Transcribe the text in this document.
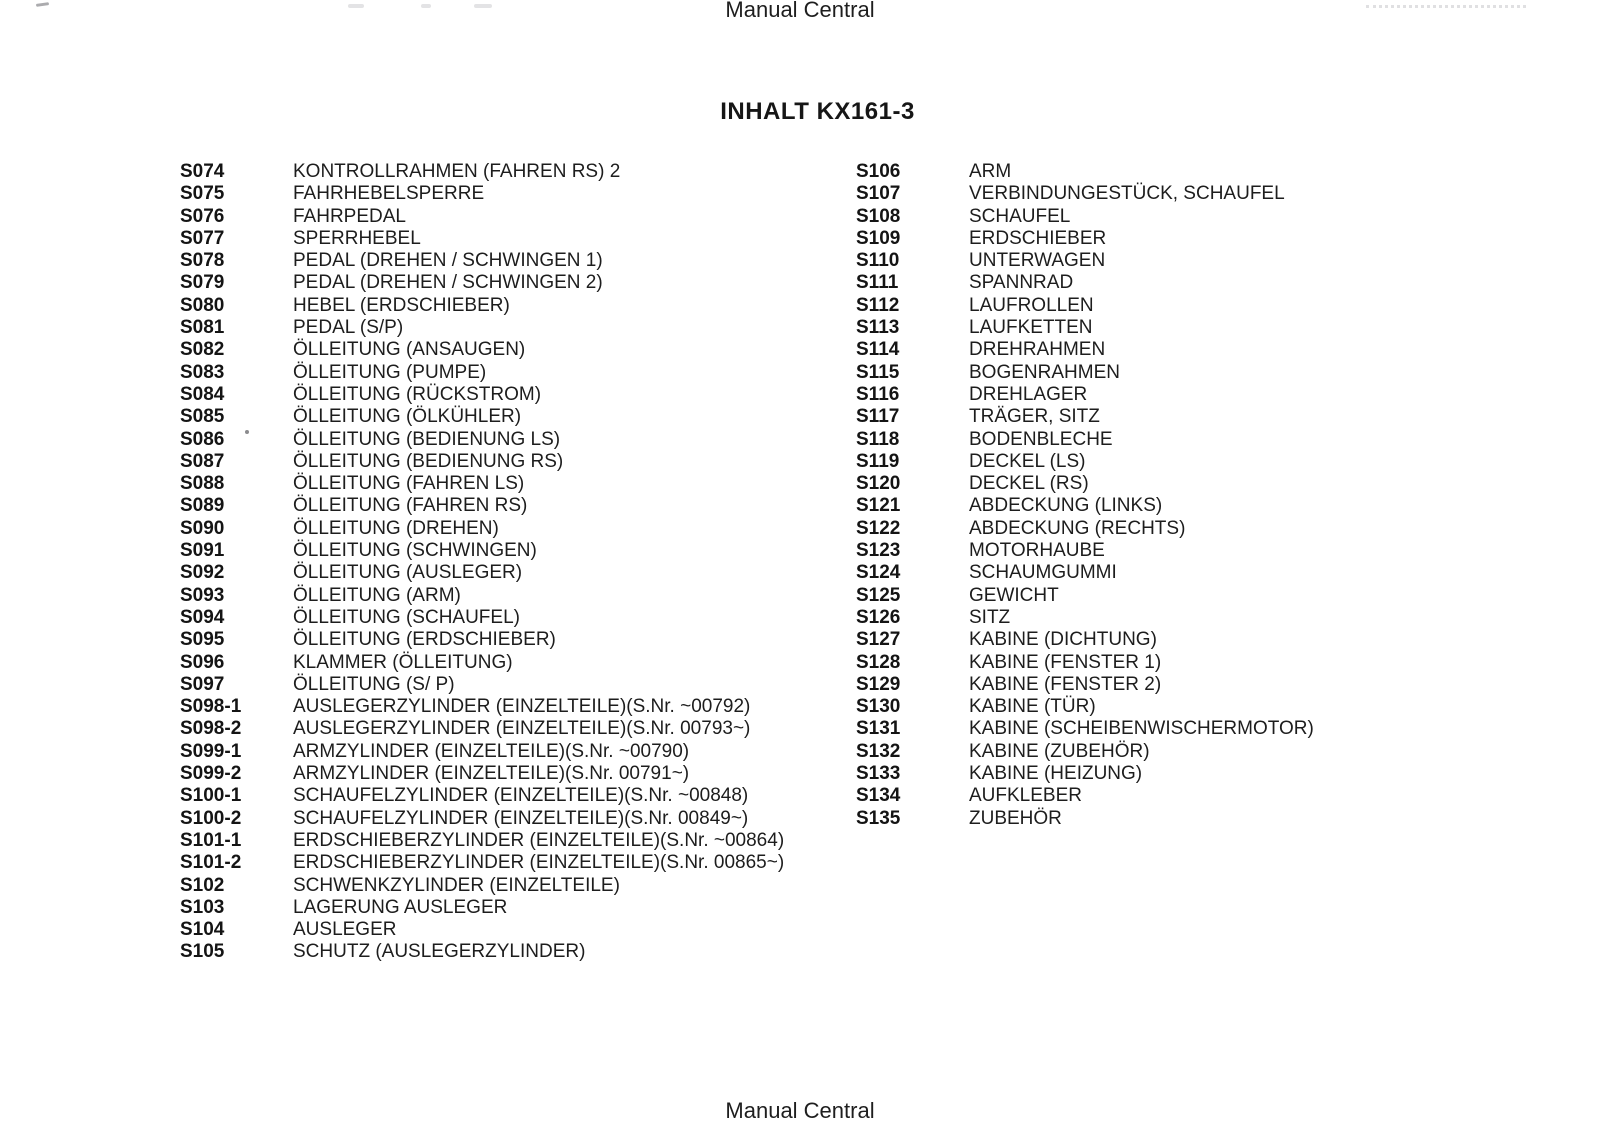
Manual Central
INHALT KX161-3
S074	KONTROLLRAHMEN (FAHREN RS) 2
S075	FAHRHEBELSPERRE
S076	FAHRPEDAL
S077	SPERRHEBEL
S078	PEDAL (DREHEN / SCHWINGEN 1)
S079	PEDAL (DREHEN / SCHWINGEN 2)
S080	HEBEL (ERDSCHIEBER)
S081	PEDAL (S/P)
S082	ÖLLEITUNG (ANSAUGEN)
S083	ÖLLEITUNG (PUMPE)
S084	ÖLLEITUNG (RÜCKSTROM)
S085	ÖLLEITUNG (ÖLKÜHLER)
S086	ÖLLEITUNG (BEDIENUNG LS)
S087	ÖLLEITUNG (BEDIENUNG RS)
S088	ÖLLEITUNG (FAHREN LS)
S089	ÖLLEITUNG (FAHREN RS)
S090	ÖLLEITUNG (DREHEN)
S091	ÖLLEITUNG (SCHWINGEN)
S092	ÖLLEITUNG (AUSLEGER)
S093	ÖLLEITUNG (ARM)
S094	ÖLLEITUNG (SCHAUFEL)
S095	ÖLLEITUNG (ERDSCHIEBER)
S096	KLAMMER (ÖLLEITUNG)
S097	ÖLLEITUNG (S/ P)
S098-1	AUSLEGERZYLINDER (EINZELTEILE)(S.Nr. ~00792)
S098-2	AUSLEGERZYLINDER (EINZELTEILE)(S.Nr. 00793~)
S099-1	ARMZYLINDER (EINZELTEILE)(S.Nr. ~00790)
S099-2	ARMZYLINDER (EINZELTEILE)(S.Nr. 00791~)
S100-1	SCHAUFELZYLINDER (EINZELTEILE)(S.Nr. ~00848)
S100-2	SCHAUFELZYLINDER (EINZELTEILE)(S.Nr. 00849~)
S101-1	ERDSCHIEBERZYLINDER (EINZELTEILE)(S.Nr. ~00864)
S101-2	ERDSCHIEBERZYLINDER (EINZELTEILE)(S.Nr. 00865~)
S102	SCHWENKZYLINDER (EINZELTEILE)
S103	LAGERUNG AUSLEGER
S104	AUSLEGER
S105	SCHUTZ (AUSLEGERZYLINDER)
S106	ARM
S107	VERBINDUNGESTÜCK, SCHAUFEL
S108	SCHAUFEL
S109	ERDSCHIEBER
S110	UNTERWAGEN
S111	SPANNRAD
S112	LAUFROLLEN
S113	LAUFKETTEN
S114	DREHRAHMEN
S115	BOGENRAHMEN
S116	DREHLAGER
S117	TRÄGER, SITZ
S118	BODENBLECHE
S119	DECKEL (LS)
S120	DECKEL (RS)
S121	ABDECKUNG (LINKS)
S122	ABDECKUNG (RECHTS)
S123	MOTORHAUBE
S124	SCHAUMGUMMI
S125	GEWICHT
S126	SITZ
S127	KABINE (DICHTUNG)
S128	KABINE (FENSTER 1)
S129	KABINE (FENSTER 2)
S130	KABINE (TÜR)
S131	KABINE (SCHEIBENWISCHERMOTOR)
S132	KABINE (ZUBEHÖR)
S133	KABINE (HEIZUNG)
S134	AUFKLEBER
S135	ZUBEHÖR
Manual Central
